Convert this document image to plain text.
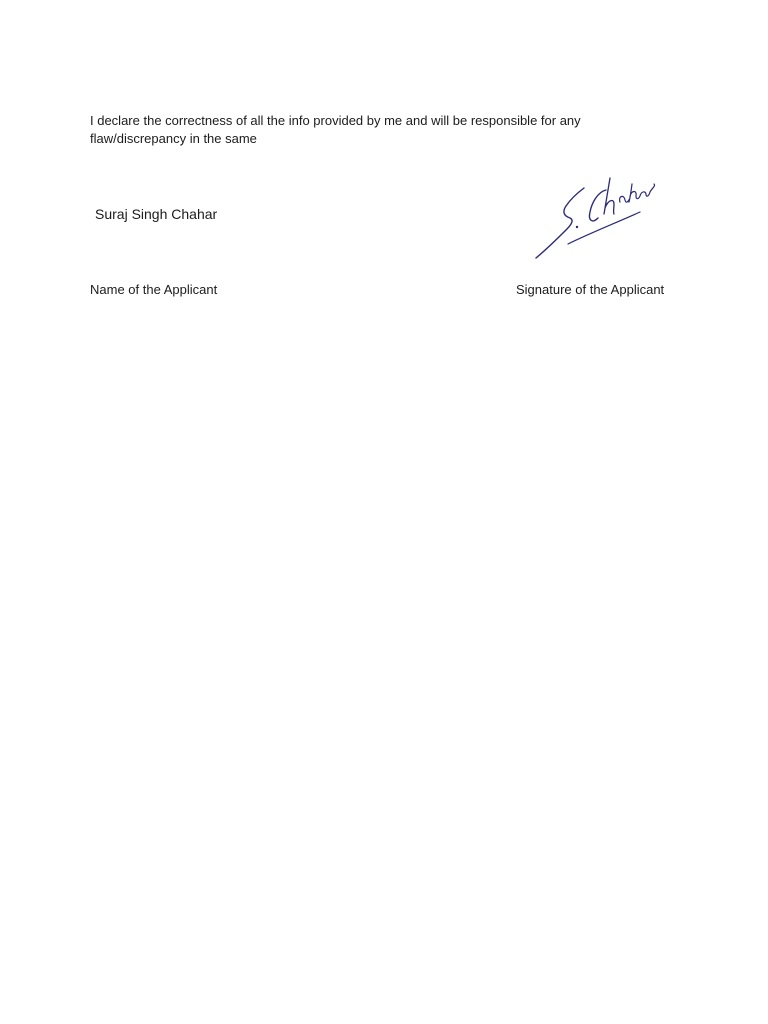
I declare the correctness of all the info provided by me and will be responsible for any flaw/discrepancy in the same

Suraj Singh Chahar

Name of the Applicant	Signature of the Applicant
